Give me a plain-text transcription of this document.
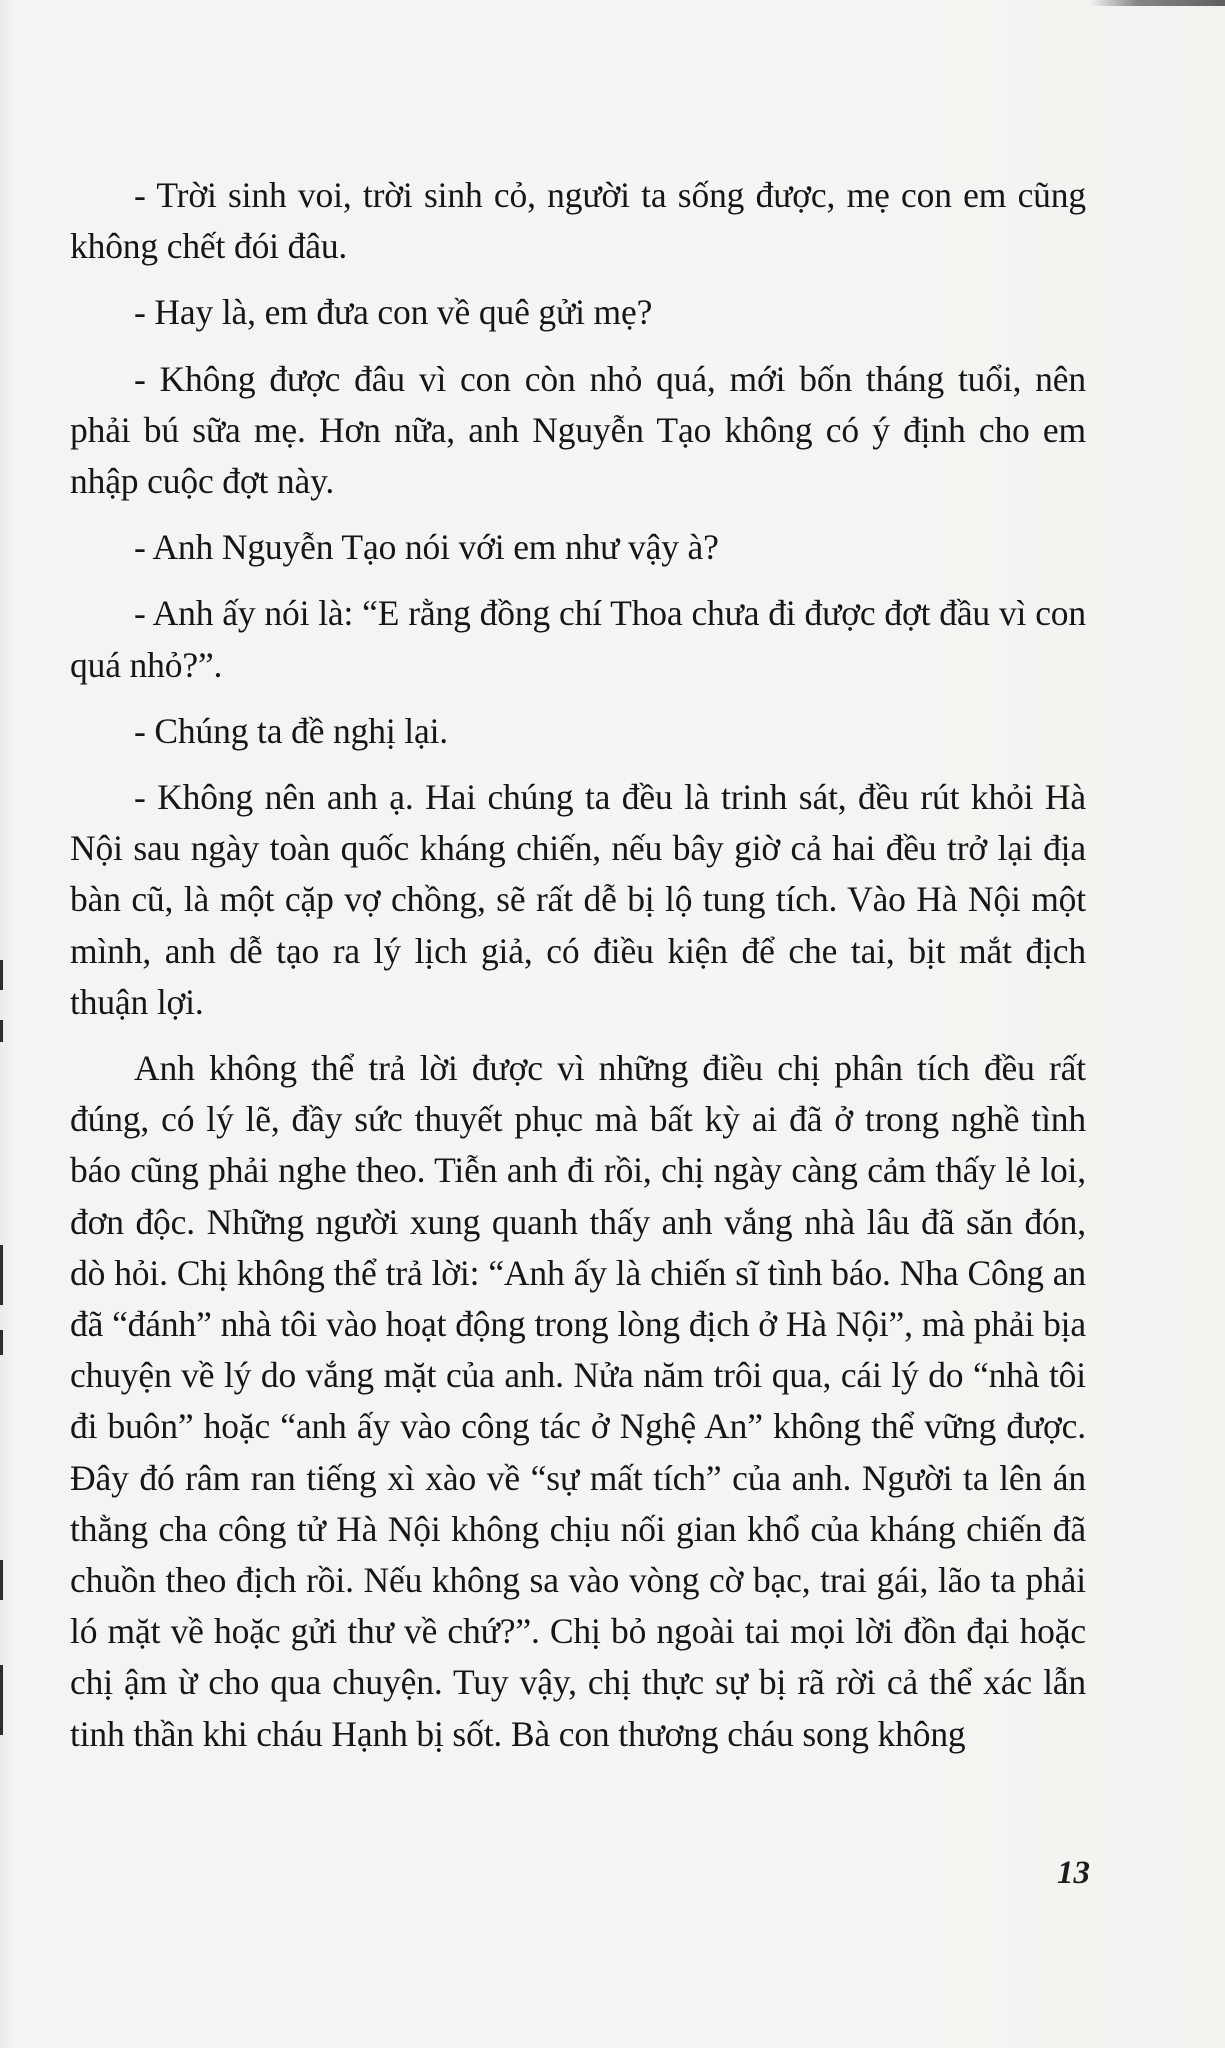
- Trời sinh voi, trời sinh cỏ, người ta sống được, mẹ con em cũng không chết đói đâu.

- Hay là, em đưa con về quê gửi mẹ?

- Không được đâu vì con còn nhỏ quá, mới bốn tháng tuổi, nên phải bú sữa mẹ. Hơn nữa, anh Nguyễn Tạo không có ý định cho em nhập cuộc đợt này.

- Anh Nguyễn Tạo nói với em như vậy à?

- Anh ấy nói là: “E rằng đồng chí Thoa chưa đi được đợt đầu vì con quá nhỏ?”.

- Chúng ta đề nghị lại.

- Không nên anh ạ. Hai chúng ta đều là trinh sát, đều rút khỏi Hà Nội sau ngày toàn quốc kháng chiến, nếu bây giờ cả hai đều trở lại địa bàn cũ, là một cặp vợ chồng, sẽ rất dễ bị lộ tung tích. Vào Hà Nội một mình, anh dễ tạo ra lý lịch giả, có điều kiện để che tai, bịt mắt địch thuận lợi.

Anh không thể trả lời được vì những điều chị phân tích đều rất đúng, có lý lẽ, đầy sức thuyết phục mà bất kỳ ai đã ở trong nghề tình báo cũng phải nghe theo. Tiễn anh đi rồi, chị ngày càng cảm thấy lẻ loi, đơn độc. Những người xung quanh thấy anh vắng nhà lâu đã săn đón, dò hỏi. Chị không thể trả lời: “Anh ấy là chiến sĩ tình báo. Nha Công an đã “đánh” nhà tôi vào hoạt động trong lòng địch ở Hà Nội”, mà phải bịa chuyện về lý do vắng mặt của anh. Nửa năm trôi qua, cái lý do “nhà tôi đi buôn” hoặc “anh ấy vào công tác ở Nghệ An” không thể vững được. Đây đó râm ran tiếng xì xào về “sự mất tích” của anh. Người ta lên án thằng cha công tử Hà Nội không chịu nối gian khổ của kháng chiến đã chuồn theo địch rồi. Nếu không sa vào vòng cờ bạc, trai gái, lão ta phải ló mặt về hoặc gửi thư về chứ?”. Chị bỏ ngoài tai mọi lời đồn đại hoặc chị ậm ừ cho qua chuyện. Tuy vậy, chị thực sự bị rã rời cả thể xác lẫn tinh thần khi cháu Hạnh bị sốt. Bà con thương cháu song không

13
